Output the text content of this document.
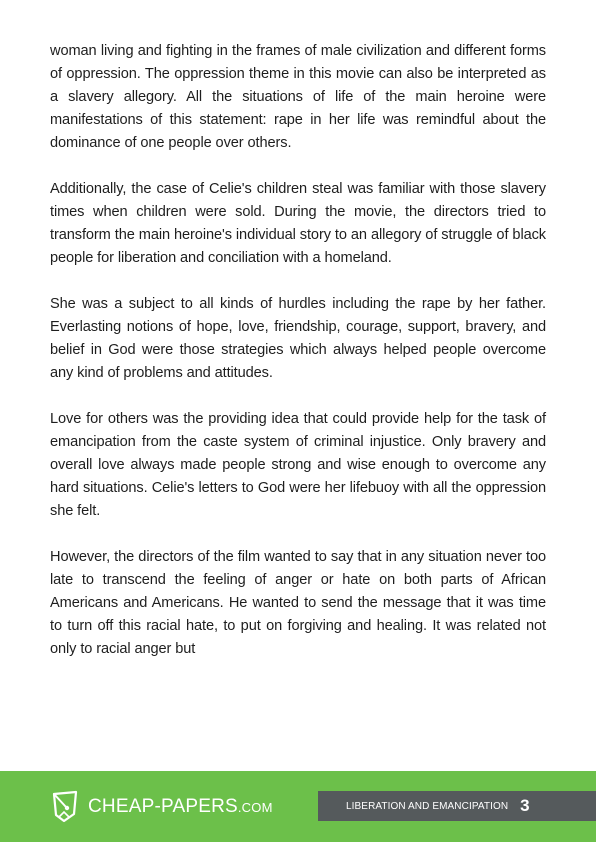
woman living and fighting in the frames of male civilization and different forms of oppression. The oppression theme in this movie can also be interpreted as a slavery allegory. All the situations of life of the main heroine were manifestations of this statement: rape in her life was remindful about the dominance of one people over others.

Additionally, the case of Celie's children steal was familiar with those slavery times when children were sold. During the movie, the directors tried to transform the main heroine's individual story to an allegory of struggle of black people for liberation and conciliation with a homeland.

She was a subject to all kinds of hurdles including the rape by her father. Everlasting notions of hope, love, friendship, courage, support, bravery, and belief in God were those strategies which always helped people overcome any kind of problems and attitudes.

Love for others was the providing idea that could provide help for the task of emancipation from the caste system of criminal injustice. Only bravery and overall love always made people strong and wise enough to overcome any hard situations. Celie's letters to God were her lifebuoy with all the oppression she felt.

However, the directors of the film wanted to say that in any situation never too late to transcend the feeling of anger or hate on both parts of African Americans and Americans. He wanted to send the message that it was time to turn off this racial hate, to put on forgiving and healing. It was related not only to racial anger but

CHEAP-PAPERS.COM	LIBERATION AND EMANCIPATION 3
